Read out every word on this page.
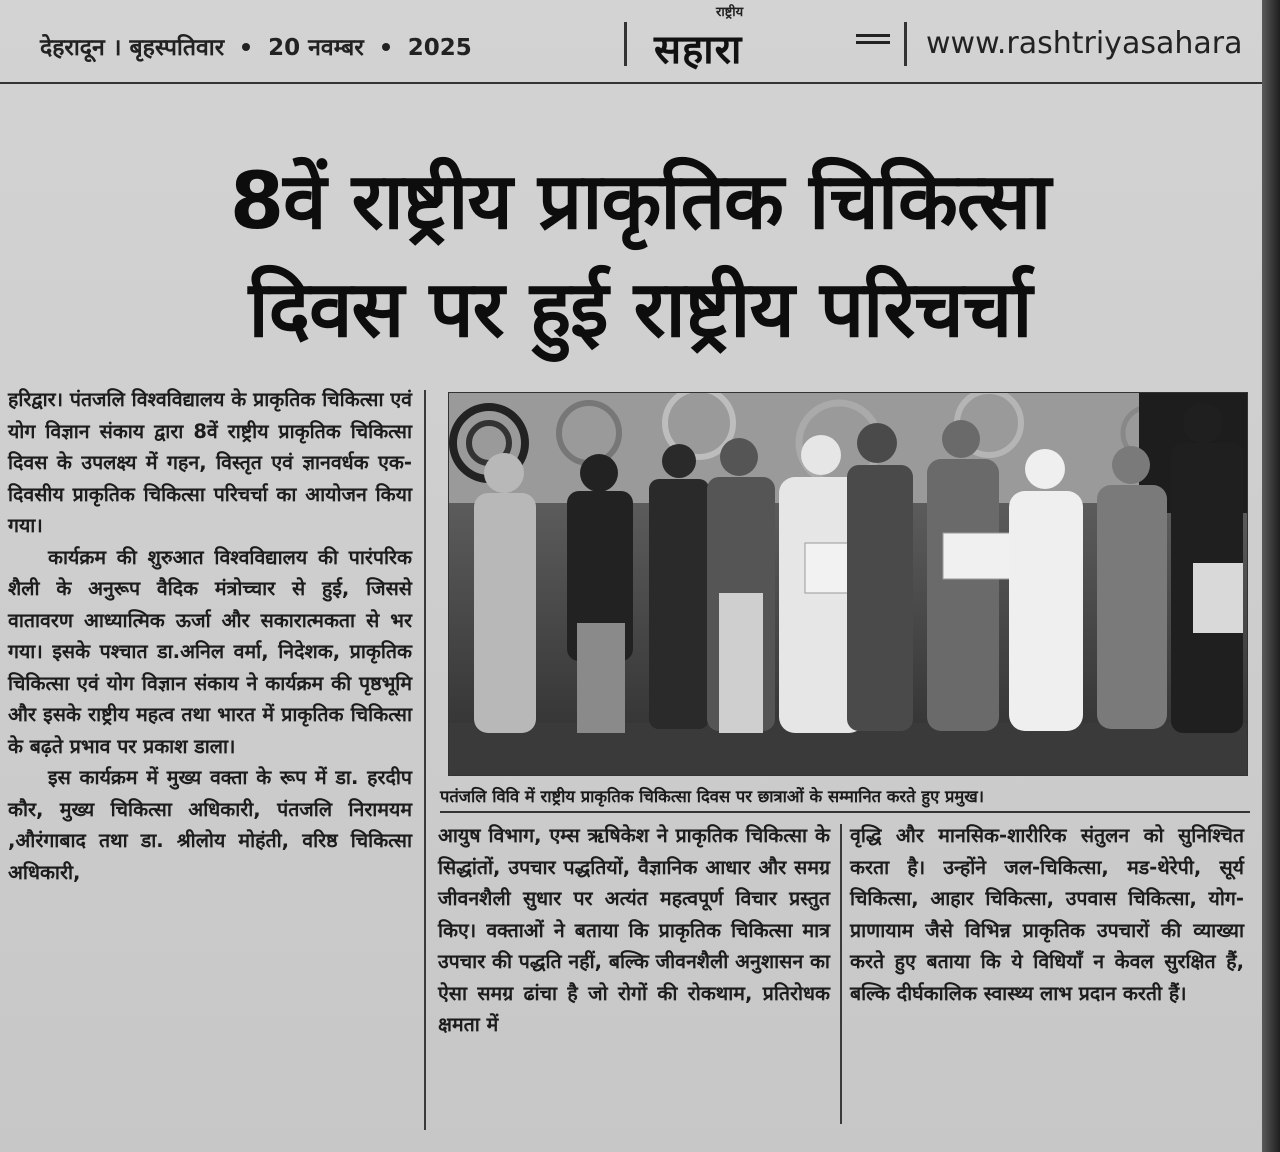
देहरादून । बृहस्पतिवार 20 नवम्बर 2025
राष्ट्रीय
सहारा	www.rashtriyasahara
8वें राष्ट्रीय प्राकृतिक चिकित्सा
दिवस पर हुई राष्ट्रीय परिचर्चा

हरिद्वार। पंतजलि विश्वविद्यालय के प्राकृतिक चिकित्सा एवं योग विज्ञान संकाय द्वारा 8वें राष्ट्रीय प्राकृतिक चिकित्सा दिवस के उपलक्ष्य में गहन, विस्तृत एवं ज्ञानवर्धक एक-दिवसीय प्राकृतिक चिकित्सा परिचर्चा का आयोजन किया गया।

कार्यक्रम की शुरुआत विश्वविद्यालय की पारंपरिक शैली के अनुरूप वैदिक मंत्रोच्चार से हुई, जिससे वातावरण आध्यात्मिक ऊर्जा और सकारात्मकता से भर गया। इसके पश्चात डा.अनिल वर्मा, निदेशक, प्राकृतिक चिकित्सा एवं योग विज्ञान संकाय ने कार्यक्रम की पृष्ठभूमि और इसके राष्ट्रीय महत्व तथा भारत में प्राकृतिक चिकित्सा के बढ़ते प्रभाव पर प्रकाश डाला।

इस कार्यक्रम में मुख्य वक्ता के रूप में डा. हरदीप कौर, मुख्य चिकित्सा अधिकारी, पंतजलि निरामयम ,औरंगाबाद तथा डा. श्रीलोय मोहंती, वरिष्ठ चिकित्सा अधिकारी,

पतंजलि विवि में राष्ट्रीय प्राकृतिक चिकित्सा दिवस पर छात्राओं के सम्मानित करते हुए प्रमुख।

आयुष विभाग, एम्स ऋषिकेश ने प्राकृतिक चिकित्सा के सिद्धांतों, उपचार पद्धतियों, वैज्ञानिक आधार और समग्र जीवनशैली सुधार पर अत्यंत महत्वपूर्ण विचार प्रस्तुत किए। वक्ताओं ने बताया कि प्राकृतिक चिकित्सा मात्र उपचार की पद्धति नहीं, बल्कि जीवनशैली अनुशासन का ऐसा समग्र ढांचा है जो रोगों की रोकथाम, प्रतिरोधक क्षमता में

वृद्धि और मानसिक-शारीरिक संतुलन को सुनिश्चित करता है। उन्होंने जल-चिकित्सा, मड-थेरेपी, सूर्य चिकित्सा, आहार चिकित्सा, उपवास चिकित्सा, योग-प्राणायाम जैसे विभिन्न प्राकृतिक उपचारों की व्याख्या करते हुए बताया कि ये विधियाँ न केवल सुरक्षित हैं, बल्कि दीर्घकालिक स्वास्थ्य लाभ प्रदान करती हैं।
